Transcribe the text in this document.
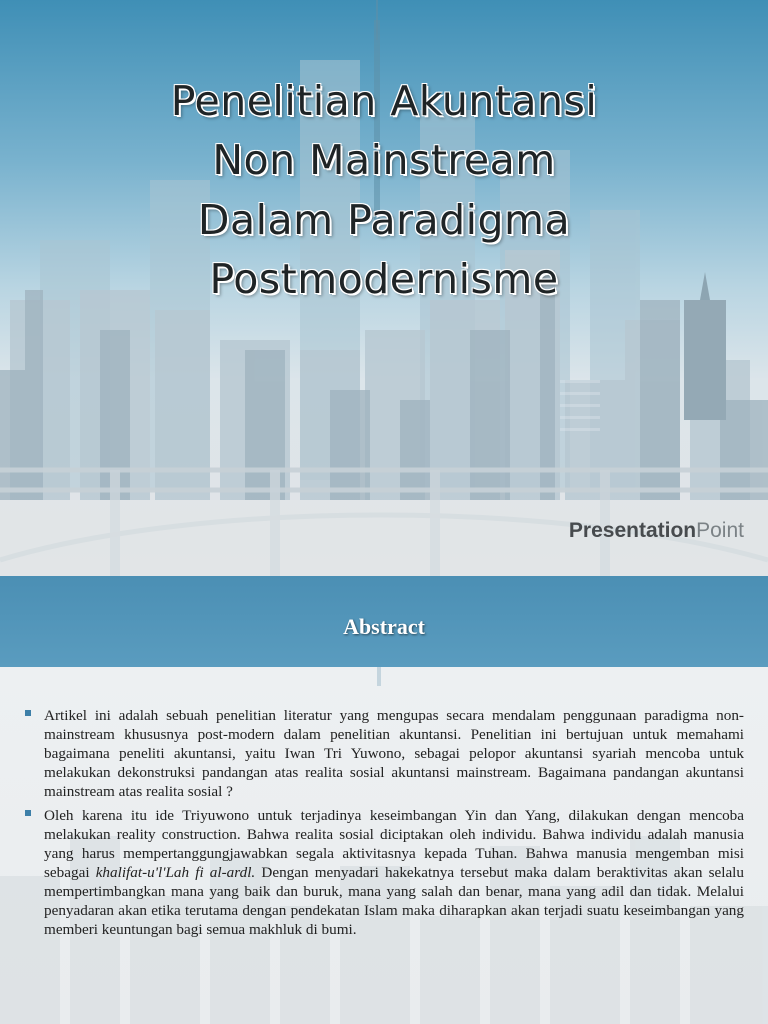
Penelitian Akuntansi
Non Mainstream
Dalam Paradigma
Postmodernisme
PresentationPoint
Abstract
Artikel ini adalah sebuah penelitian literatur yang mengupas secara mendalam penggunaan paradigma non-mainstream khususnya post-modern dalam penelitian akuntansi. Penelitian ini bertujuan untuk memahami bagaimana peneliti akuntansi, yaitu Iwan Tri Yuwono, sebagai pelopor akuntansi syariah mencoba untuk melakukan dekonstruksi pandangan atas realita sosial akuntansi mainstream. Bagaimana pandangan akuntansi mainstream atas realita sosial ?
Oleh karena itu ide Triyuwono untuk terjadinya keseimbangan Yin dan Yang, dilakukan dengan mencoba melakukan reality construction. Bahwa realita sosial diciptakan oleh individu. Bahwa individu adalah manusia yang harus mempertanggungjawabkan segala aktivitasnya kepada Tuhan. Bahwa manusia mengemban misi sebagai khalifat-u'l'Lah fi al-ardl. Dengan menyadari hakekatnya tersebut maka dalam beraktivitas akan selalu mempertimbangkan mana yang baik dan buruk, mana yang salah dan benar, mana yang adil dan tidak. Melalui penyadaran akan etika terutama dengan pendekatan Islam maka diharapkan akan terjadi suatu keseimbangan yang memberi keuntungan bagi semua makhluk di bumi.
